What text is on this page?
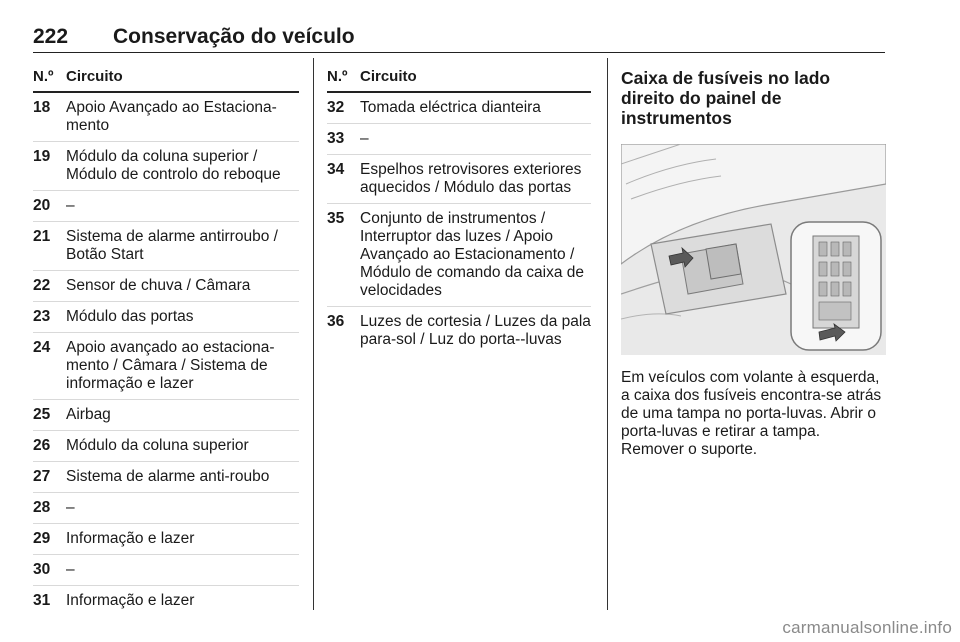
222	Conservação do veículo
N.º Circuito
18	Apoio Avançado ao Estaciona-mento
19	Módulo da coluna superior / Módulo de controlo do reboque
20	–
21	Sistema de alarme antirroubo / Botão Start
22	Sensor de chuva / Câmara
23	Módulo das portas
24	Apoio avançado ao estaciona-mento / Câmara / Sistema de informação e lazer
25	Airbag
26	Módulo da coluna superior
27	Sistema de alarme anti-roubo
28	–
29	Informação e lazer
30	–
31	Informação e lazer
N.º Circuito
32	Tomada eléctrica dianteira
33	–
34	Espelhos retrovisores exteriores aquecidos / Módulo das portas
35	Conjunto de instrumentos / Interruptor das luzes / Apoio Avançado ao Estacionamento / Módulo de comando da caixa de velocidades
36	Luzes de cortesia / Luzes da pala para-sol / Luz do porta--luvas
Caixa de fusíveis no lado direito do painel de instrumentos
Em veículos com volante à esquerda, a caixa dos fusíveis encontra-se atrás de uma tampa no porta-luvas. Abrir o porta-luvas e retirar a tampa.
Remover o suporte.
carmanualsonline.info
